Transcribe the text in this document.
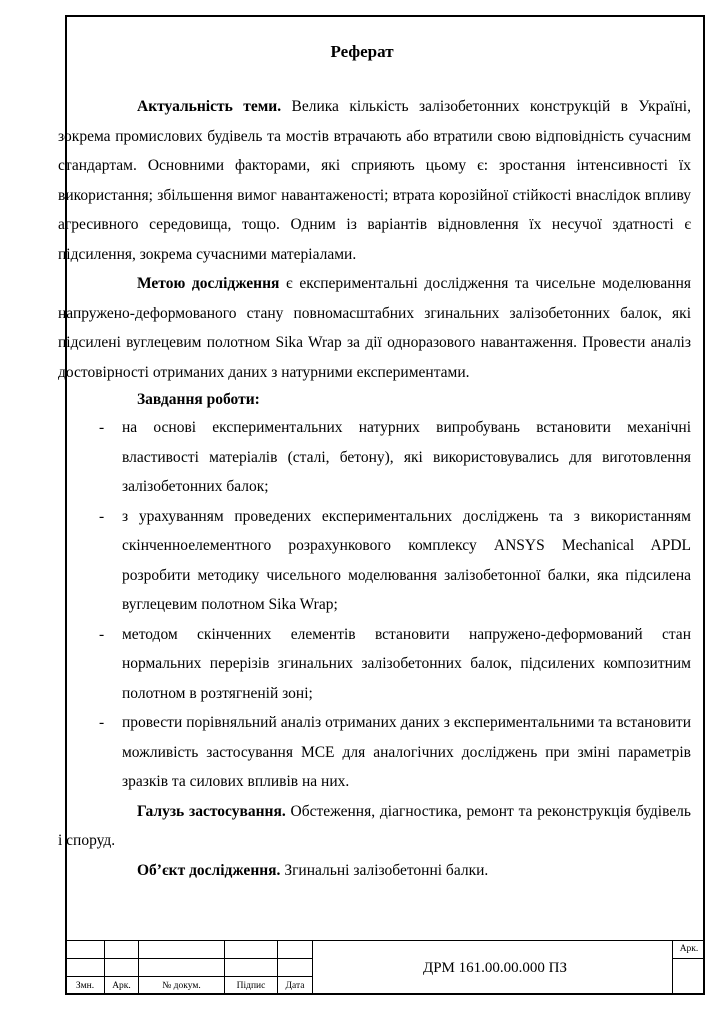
Реферат

Актуальність теми. Велика кількість залізобетонних конструкцій в Україні, зокрема промислових будівель та мостів втрачають або втратили свою відповідність сучасним стандартам. Основними факторами, які сприяють цьому є: зростання інтенсивності їх використання; збільшення вимог навантаженості; втрата корозійної стійкості внаслідок впливу агресивного середовища, тощо. Одним із варіантів відновлення їх несучої здатності є підсилення, зокрема сучасними матеріалами.

Метою дослідження є експериментальні дослідження та чисельне моделювання напружено-деформованого стану повномасштабних згинальних залізобетонних балок, які підсилені вуглецевим полотном Sika Wrap за дії одноразового навантаження. Провести аналіз достовірності отриманих даних з натурними експериментами.

Завдання роботи:

- на основі експериментальних натурних випробувань встановити механічні властивості матеріалів (сталі, бетону), які використовувались для виготовлення залізобетонних балок;

- з урахуванням проведених експериментальних досліджень та з використанням скінченноелементного розрахункового комплексу ANSYS Mechanical APDL розробити методику чисельного моделювання залізобетонної балки, яка підсилена вуглецевим полотном Sika Wrap;

- методом скінченних елементів встановити напружено-деформований стан нормальних перерізів згинальних залізобетонних балок, підсилених композитним полотном в розтягненій зоні;

- провести порівняльний аналіз отриманих даних з експериментальними та встановити можливість застосування МСЕ для аналогічних досліджень при зміні параметрів зразків та силових впливів на них.

Галузь застосування. Обстеження, діагностика, ремонт та реконструкція будівель і споруд.

Об’єкт дослідження. Згинальні залізобетонні балки.

Змн.	Арк.	№ докум.	Підпис	Дата
ДРМ 161.00.00.000 ПЗ
Арк.
